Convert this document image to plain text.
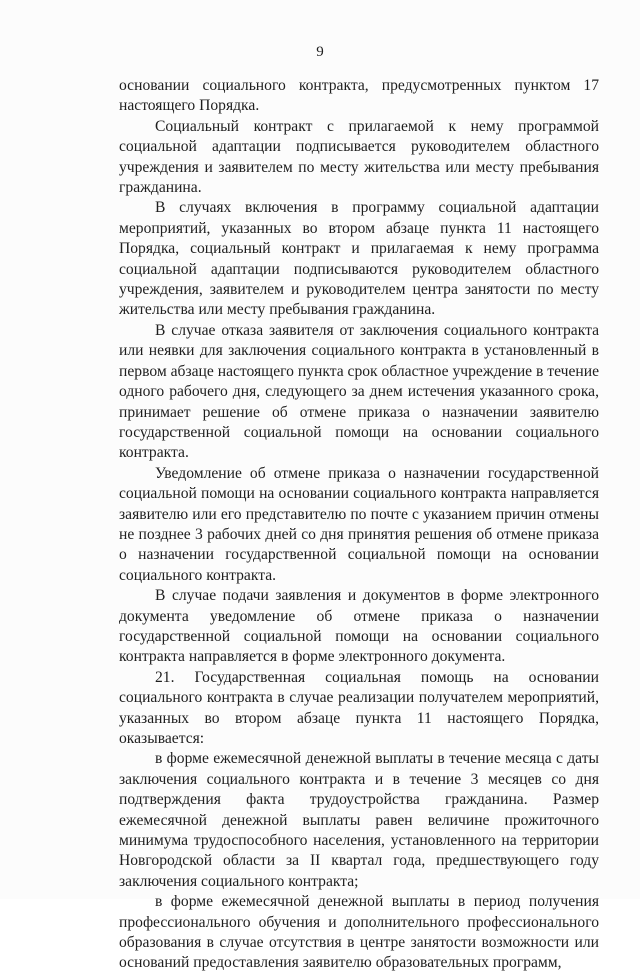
9

основании социального контракта, предусмотренных пунктом 17 настоящего Порядка.

Социальный контракт с прилагаемой к нему программой социальной адаптации подписывается руководителем областного учреждения и заявителем по месту жительства или месту пребывания гражданина.

В случаях включения в программу социальной адаптации мероприятий, указанных во втором абзаце пункта 11 настоящего Порядка, социальный контракт и прилагаемая к нему программа социальной адаптации подписываются руководителем областного учреждения, заявителем и руководителем центра занятости по месту жительства или месту пребывания гражданина.

В случае отказа заявителя от заключения социального контракта или неявки для заключения социального контракта в установленный в первом абзаце настоящего пункта срок областное учреждение в течение одного рабочего дня, следующего за днем истечения указанного срока, принимает решение об отмене приказа о назначении заявителю государственной социальной помощи на основании социального контракта.

Уведомление об отмене приказа о назначении государственной социальной помощи на основании социального контракта направляется заявителю или его представителю по почте с указанием причин отмены не позднее 3 рабочих дней со дня принятия решения об отмене приказа о назначении государственной социальной помощи на основании социального контракта.

В случае подачи заявления и документов в форме электронного документа уведомление об отмене приказа о назначении государственной социальной помощи на основании социального контракта направляется в форме электронного документа.

21. Государственная социальная помощь на основании социального контракта в случае реализации получателем мероприятий, указанных во втором абзаце пункта 11 настоящего Порядка, оказывается:

в форме ежемесячной денежной выплаты в течение месяца с даты заключения социального контракта и в течение 3 месяцев со дня подтверждения факта трудоустройства гражданина. Размер ежемесячной денежной выплаты равен величине прожиточного минимума трудоспособного населения, установленного на территории Новгородской области за II квартал года, предшествующего году заключения социального контракта;

в форме ежемесячной денежной выплаты в период получения профессионального обучения и дополнительного профессионального образования в случае отсутствия в центре занятости возможности или оснований предоставления заявителю образовательных программ,
